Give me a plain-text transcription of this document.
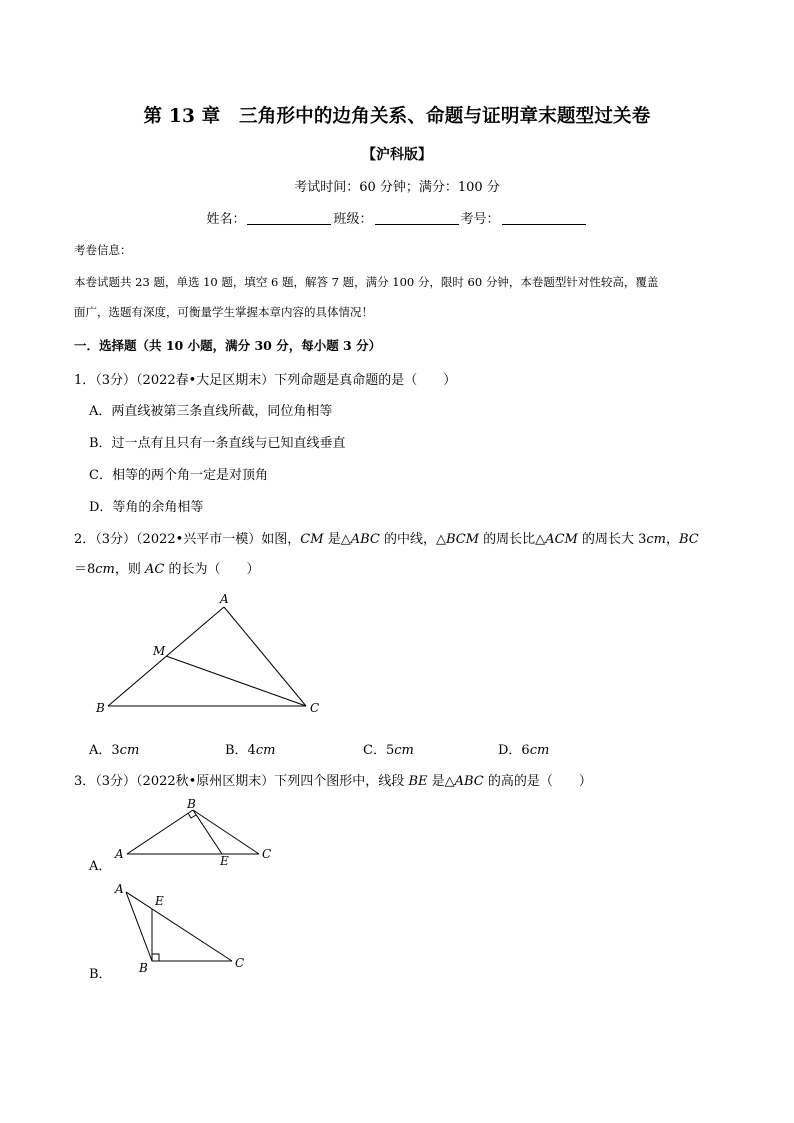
第 13 章　三角形中的边角关系、命题与证明章末题型过关卷
【沪科版】
考试时间：60 分钟；满分：100 分
姓名：	班级：	考号：
考卷信息：
本卷试题共 23 题，单选 10 题，填空 6 题，解答 7 题，满分 100 分，限时 60 分钟，本卷题型针对性较高，覆盖
面广，选题有深度，可衡量学生掌握本章内容的具体情况！
一．选择题（共 10 小题，满分 30 分，每小题 3 分）
1．（3分）（2022春•大足区期末）下列命题是真命题的是（　　）
A．两直线被第三条直线所截，同位角相等
B．过一点有且只有一条直线与已知直线垂直
C．相等的两个角一定是对顶角
D．等角的余角相等
2．（3分）（2022•兴平市一模）如图，CM 是△ABC 的中线，△BCM 的周长比△ACM 的周长大 3cm，BC
＝8cm，则 AC 的长为（　　）
A
M
B	C
B
A	E	C
A
E
B	C
A．3cm	B．4cm	C．5cm	D．6cm
3．（3分）（2022秋•原州区期末）下列四个图形中，线段 BE 是△ABC 的高的是（　　）
A．
B．
